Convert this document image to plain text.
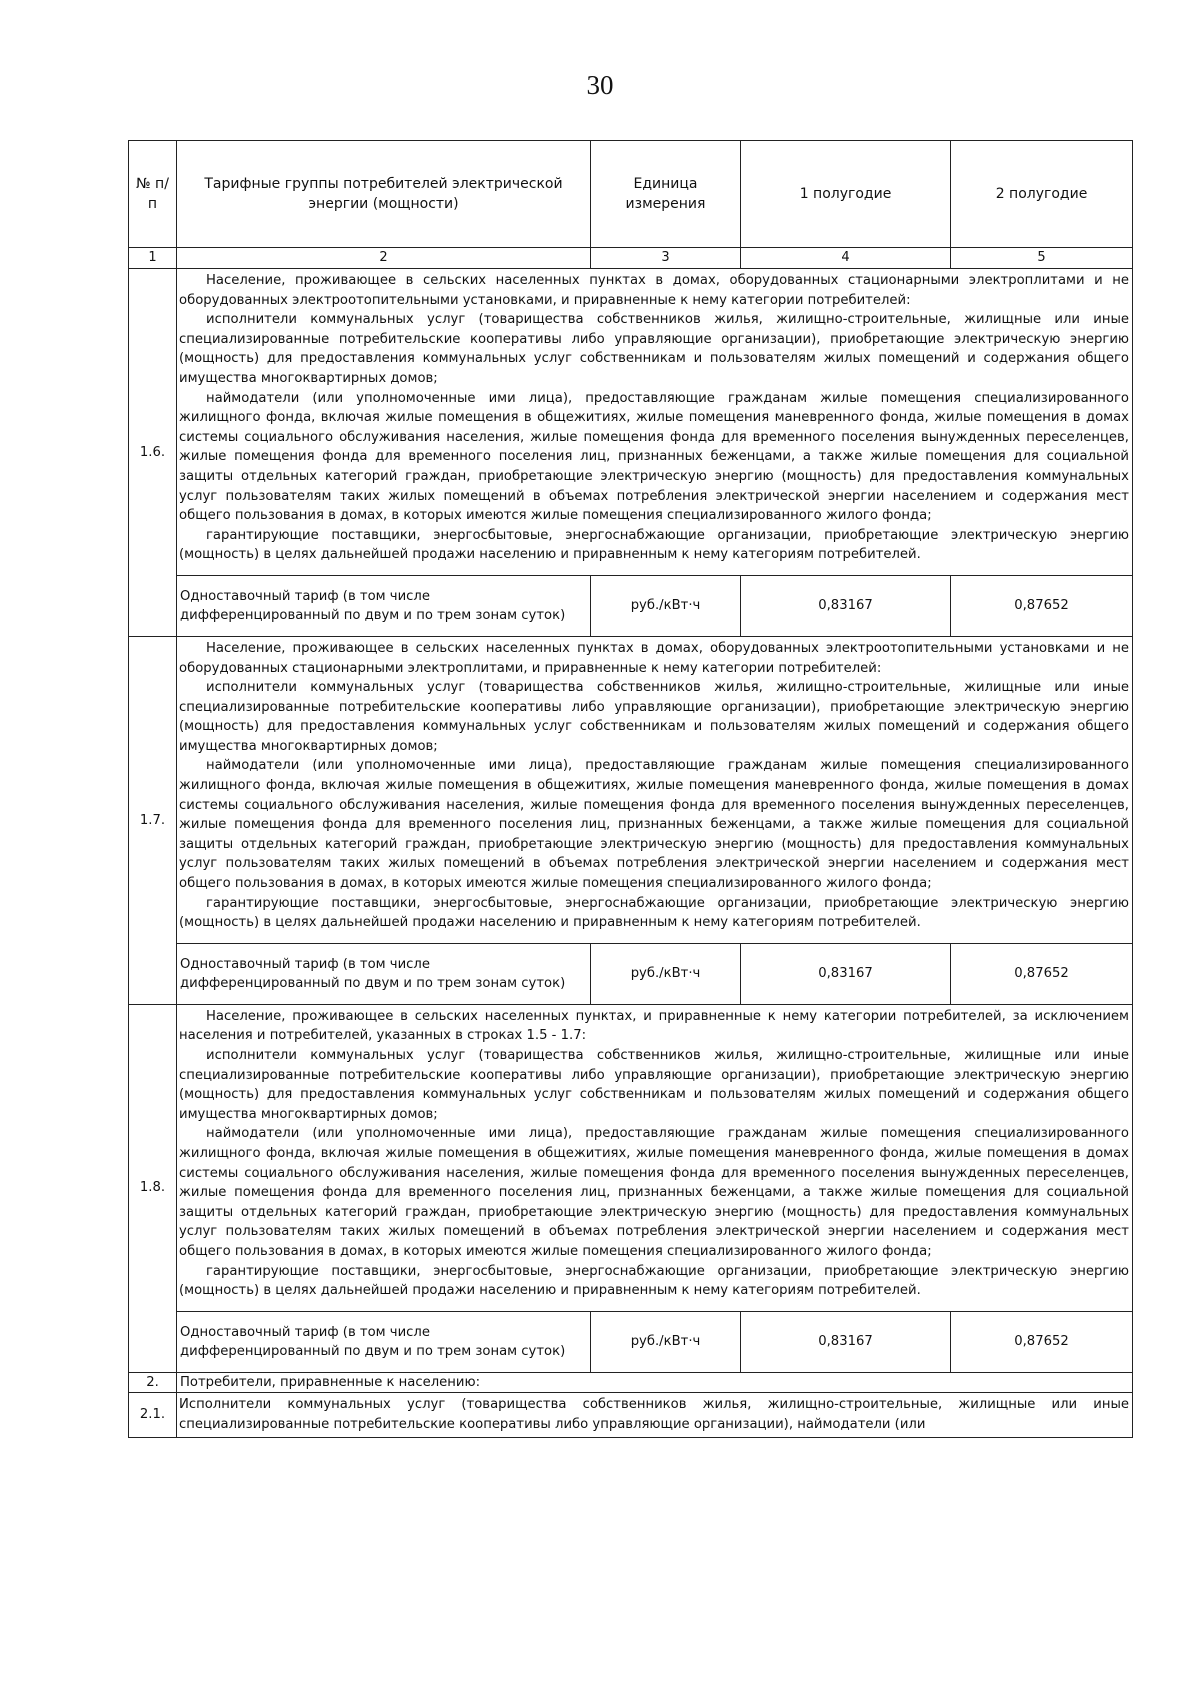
30
№ п/п	Тарифные группы потребителей электрической энергии (мощности)	Единица измерения	1 полугодие	2 полугодие
1	2	3	4	5
1.6.	Население, проживающее в сельских населенных пунктах в домах, оборудованных стационарными электроплитами и не оборудованных электроотопительными установками, и приравненные к нему категории потребителей:

исполнители коммунальных услуг (товарищества собственников жилья, жилищно-строительные, жилищные или иные специализированные потребительские кооперативы либо управляющие организации), приобретающие электрическую энергию (мощность) для предоставления коммунальных услуг собственникам и пользователям жилых помещений и содержания общего имущества многоквартирных домов;

наймодатели (или уполномоченные ими лица), предоставляющие гражданам жилые помещения специализированного жилищного фонда, включая жилые помещения в общежитиях, жилые помещения маневренного фонда, жилые помещения в домах системы социального обслуживания населения, жилые помещения фонда для временного поселения вынужденных переселенцев, жилые помещения фонда для временного поселения лиц, признанных беженцами, а также жилые помещения для социальной защиты отдельных категорий граждан, приобретающие электрическую энергию (мощность) для предоставления коммунальных услуг пользователям таких жилых помещений в объемах потребления электрической энергии населением и содержания мест общего пользования в домах, в которых имеются жилые помещения специализированного жилого фонда;

гарантирующие поставщики, энергосбытовые, энергоснабжающие организации, приобретающие электрическую энергию (мощность) в целях дальнейшей продажи населению и приравненным к нему категориям потребителей.			

	Одноставочный тариф (в том числе дифференцированный по двум и по трем зонам суток)	руб./кВт·ч	0,83167	0,87652
1.7.	Население, проживающее в сельских населенных пунктах в домах, оборудованных электроотопительными установками и не оборудованных стационарными электроплитами, и приравненные к нему категории потребителей:

исполнители коммунальных услуг (товарищества собственников жилья, жилищно-строительные, жилищные или иные специализированные потребительские кооперативы либо управляющие организации), приобретающие электрическую энергию (мощность) для предоставления коммунальных услуг собственникам и пользователям жилых помещений и содержания общего имущества многоквартирных домов;

наймодатели (или уполномоченные ими лица), предоставляющие гражданам жилые помещения специализированного жилищного фонда, включая жилые помещения в общежитиях, жилые помещения маневренного фонда, жилые помещения в домах системы социального обслуживания населения, жилые помещения фонда для временного поселения вынужденных переселенцев, жилые помещения фонда для временного поселения лиц, признанных беженцами, а также жилые помещения для социальной защиты отдельных категорий граждан, приобретающие электрическую энергию (мощность) для предоставления коммунальных услуг пользователям таких жилых помещений в объемах потребления электрической энергии населением и содержания мест общего пользования в домах, в которых имеются жилые помещения специализированного жилого фонда;

гарантирующие поставщики, энергосбытовые, энергоснабжающие организации, приобретающие электрическую энергию (мощность) в целях дальнейшей продажи населению и приравненным к нему категориям потребителей.			

	Одноставочный тариф (в том числе дифференцированный по двум и по трем зонам суток)	руб./кВт·ч	0,83167	0,87652
1.8.	Население, проживающее в сельских населенных пунктах, и приравненные к нему категории потребителей, за исключением населения и потребителей, указанных в строках 1.5 - 1.7:

исполнители коммунальных услуг (товарищества собственников жилья, жилищно-строительные, жилищные или иные специализированные потребительские кооперативы либо управляющие организации), приобретающие электрическую энергию (мощность) для предоставления коммунальных услуг собственникам и пользователям жилых помещений и содержания общего имущества многоквартирных домов;

наймодатели (или уполномоченные ими лица), предоставляющие гражданам жилые помещения специализированного жилищного фонда, включая жилые помещения в общежитиях, жилые помещения маневренного фонда, жилые помещения в домах системы социального обслуживания населения, жилые помещения фонда для временного поселения вынужденных переселенцев, жилые помещения фонда для временного поселения лиц, признанных беженцами, а также жилые помещения для социальной защиты отдельных категорий граждан, приобретающие электрическую энергию (мощность) для предоставления коммунальных услуг пользователям таких жилых помещений в объемах потребления электрической энергии населением и содержания мест общего пользования в домах, в которых имеются жилые помещения специализированного жилого фонда;

гарантирующие поставщики, энергосбытовые, энергоснабжающие организации, приобретающие электрическую энергию (мощность) в целях дальнейшей продажи населению и приравненным к нему категориям потребителей.			

	Одноставочный тариф (в том числе дифференцированный по двум и по трем зонам суток)	руб./кВт·ч	0,83167	0,87652
2.	Потребители, приравненные к населению:			
2.1.	Исполнители коммунальных услуг (товарищества собственников жилья, жилищно-строительные, жилищные или иные специализированные потребительские кооперативы либо управляющие организации), наймодатели (или			
